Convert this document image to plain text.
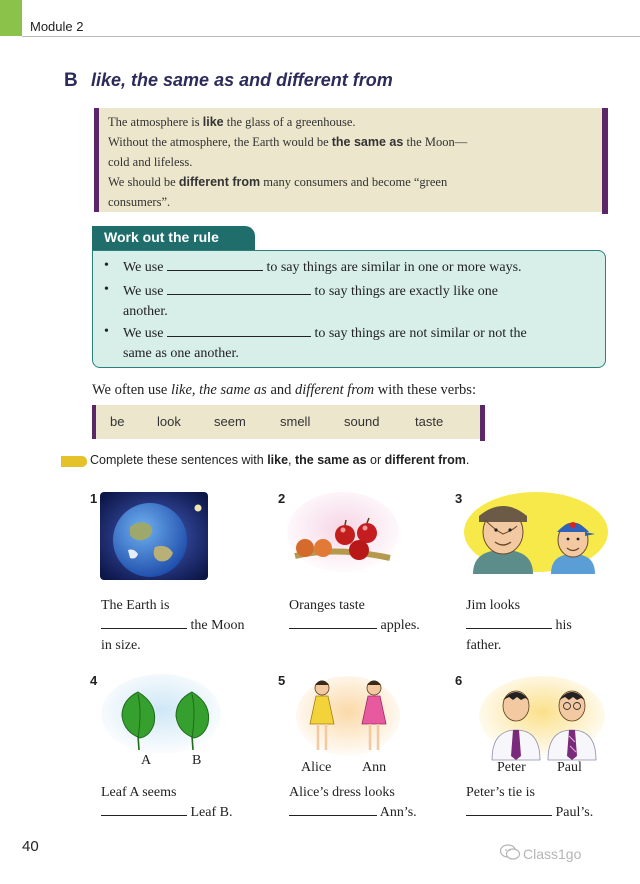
Module 2
B like, the same as and different from

The atmosphere is like the glass of a greenhouse.

Without the atmosphere, the Earth would be the same as the Moon—

cold and lifeless.

We should be different from many consumers and become “green

consumers”.

Work out the rule
• We use	to say things are similar in one or more ways.
• We use	to say things are exactly like one
another.
• We use	to say things are not similar or not the
same as one another.
We often use like, the same as and different from with these verbs:
be	look	seem	smell	sound	taste
Complete these sentences with like, the same as or different from.
1
The Earth is
the Moon
in size.
2
Oranges taste
apples.
3
Jim looks
his
father.
4
A	B
Leaf A seems
Leaf B.
5
Alice Ann
Alice’s dress looks
Ann’s.
6
Peter Paul
Peter’s tie is
Paul’s.
40	Class1go
